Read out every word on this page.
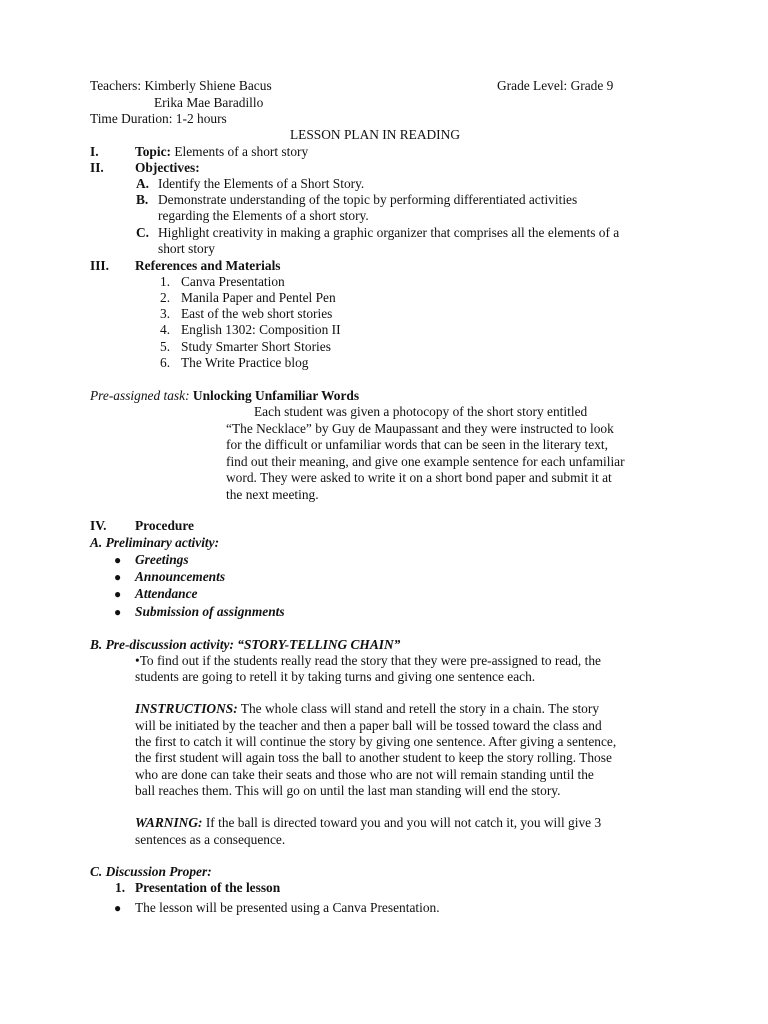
Teachers: Kimberly Shiene Bacus	Grade Level: Grade 9
Erika Mae Baradillo
Time Duration: 1-2 hours
LESSON PLAN IN READING
I.	Topic: Elements of a short story
II. Objectives:
A. Identify the Elements of a Short Story.
B. Demonstrate understanding of the topic by performing differentiated activities
regarding the Elements of a short story.
C. Highlight creativity in making a graphic organizer that comprises all the elements of a
short story
III. References and Materials
1. Canva Presentation
2. Manila Paper and Pentel Pen
3. East of the web short stories
4. English 1302: Composition II
5. Study Smarter Short Stories
6. The Write Practice blog
Pre-assigned task: Unlocking Unfamiliar Words
Each student was given a photocopy of the short story entitled
“The Necklace” by Guy de Maupassant and they were instructed to look
for the difficult or unfamiliar words that can be seen in the literary text,
find out their meaning, and give one example sentence for each unfamiliar
word. They were asked to write it on a short bond paper and submit it at
the next meeting.
IV. Procedure
A. Preliminary activity:
● Greetings
● Announcements
● Attendance
● Submission of assignments
B. Pre-discussion activity: “STORY-TELLING CHAIN”
•To find out if the students really read the story that they were pre-assigned to read, the
students are going to retell it by taking turns and giving one sentence each.
INSTRUCTIONS: The whole class will stand and retell the story in a chain. The story
will be initiated by the teacher and then a paper ball will be tossed toward the class and
the first to catch it will continue the story by giving one sentence. After giving a sentence,
the first student will again toss the ball to another student to keep the story rolling. Those
who are done can take their seats and those who are not will remain standing until the
ball reaches them. This will go on until the last man standing will end the story.
WARNING: If the ball is directed toward you and you will not catch it, you will give 3
sentences as a consequence.
C. Discussion Proper:
1. Presentation of the lesson
● The lesson will be presented using a Canva Presentation.
